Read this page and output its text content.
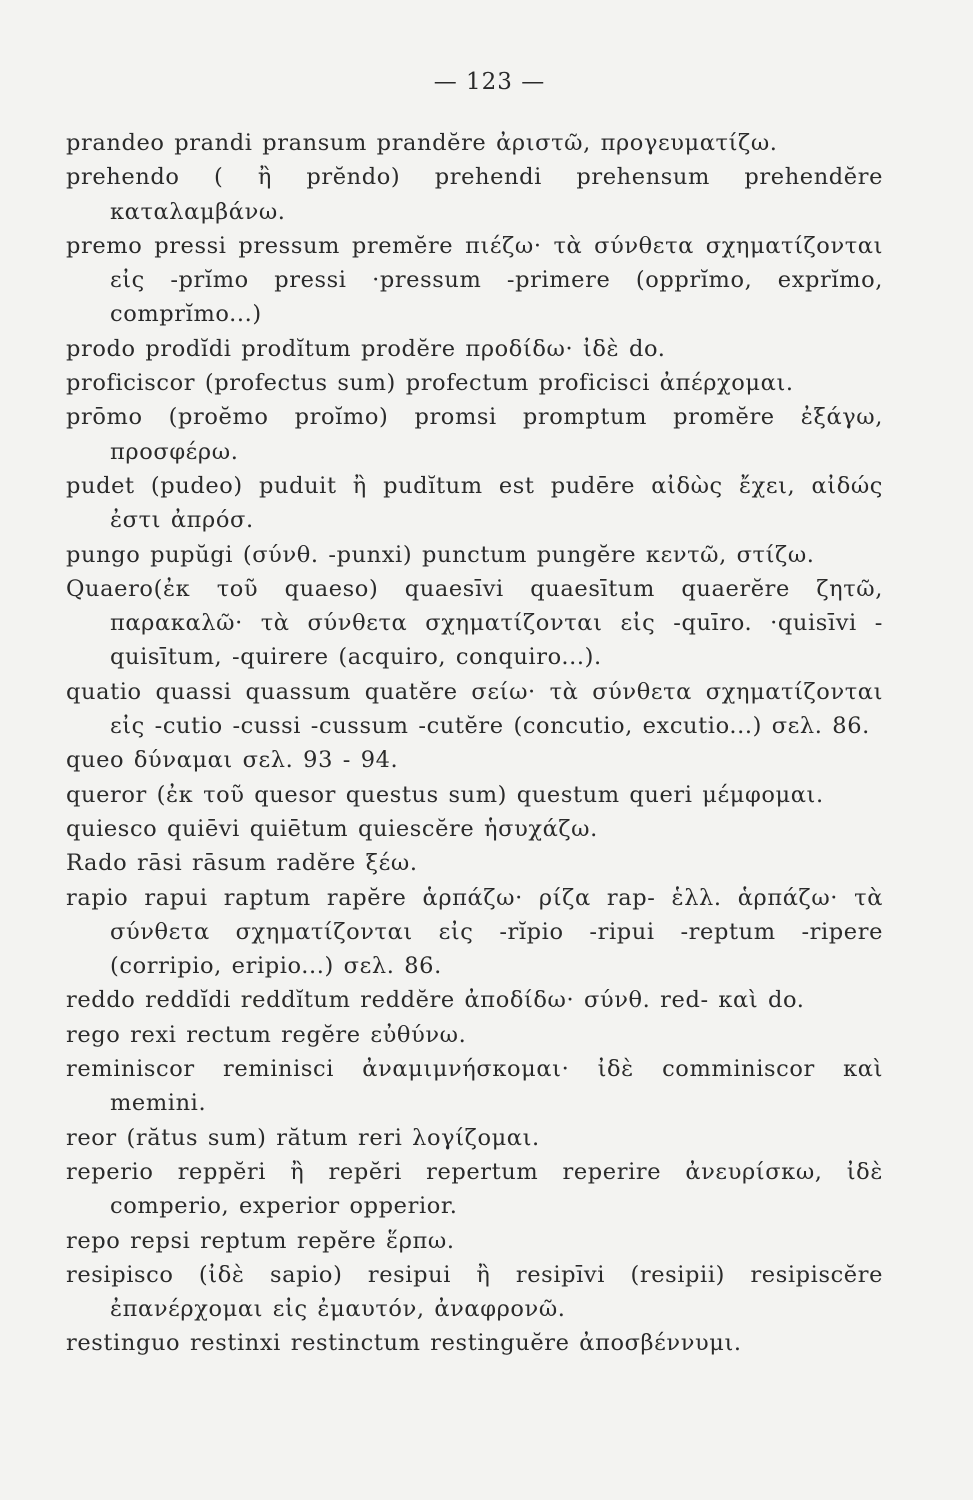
— 123 —

prandeo prandi pransum prandĕre ἀριστῶ, προγευματίζω.

prehendo ( ἢ prĕndo) prehendi prehensum prehendĕre καταλαμβάνω.

premo pressi pressum premĕre πιέζω· τὰ σύνθετα σχηματίζονται εἰς -prĭmo pressi ·pressum -primere (opprĭmo, exprĭmo, comprĭmo...)

prodo prodĭdi prodĭtum prodĕre προδίδω· ἰδὲ do.

proficiscor (profectus sum) profectum proficisci ἀπέρχομαι.

prōmo (proĕmo proĭmo) promsi promptum promĕre ἐξάγω, προσφέρω.

pudet (pudeo) puduit ἢ pudĭtum est pudēre αἰδὼς ἔχει, αἰδώς ἐστι ἀπρόσ.

pungo pupŭgi (σύνθ. -punxi) punctum pungĕre κεντῶ, στίζω.

Quaero(ἐκ τοῦ quaeso) quaesīvi quaesītum quaerĕre ζητῶ, παρακαλῶ· τὰ σύνθετα σχηματίζονται εἰς -quīro. ·quisīvi -quisītum, -quirere (acquiro, conquiro...).

quatio quassi quassum quatĕre σείω· τὰ σύνθετα σχηματίζονται εἰς -cutio -cussi -cussum -cutĕre (concutio, excutio...) σελ. 86.

queo δύναμαι σελ. 93 - 94.

queror (ἐκ τοῦ quesor questus sum) questum queri μέμφομαι.

quiesco quiēvi quiētum quiescĕre ἡσυχάζω.

Rado rāsi rāsum radĕre ξέω.

rapio rapui raptum rapĕre ἁρπάζω· ρίζα rap- ἑλλ. ἁρπάζω· τὰ σύνθετα σχηματίζονται εἰς -rĭpio -ripui -reptum -ripere (corripio, eripio...) σελ. 86.

reddo reddĭdi reddĭtum reddĕre ἀποδίδω· σύνθ. red- καὶ do.

rego rexi rectum regĕre εὐθύνω.

reminiscor reminisci ἀναμιμνήσκομαι· ἰδὲ comminiscor καὶ memini.

reor (rătus sum) rătum reri λογίζομαι.

reperio reppĕri ἢ repĕri repertum reperire ἀνευρίσκω, ἰδὲ comperio, experior opperior.

repo repsi reptum repĕre ἕρπω.

resipisco (ἰδὲ sapio) resipui ἢ resipīvi (resipii) resipiscĕre ἐπανέρχομαι εἰς ἐμαυτόν, ἀναφρονῶ.

restinguo restinxi restinctum restinguĕre ἀποσβέννυμι.
